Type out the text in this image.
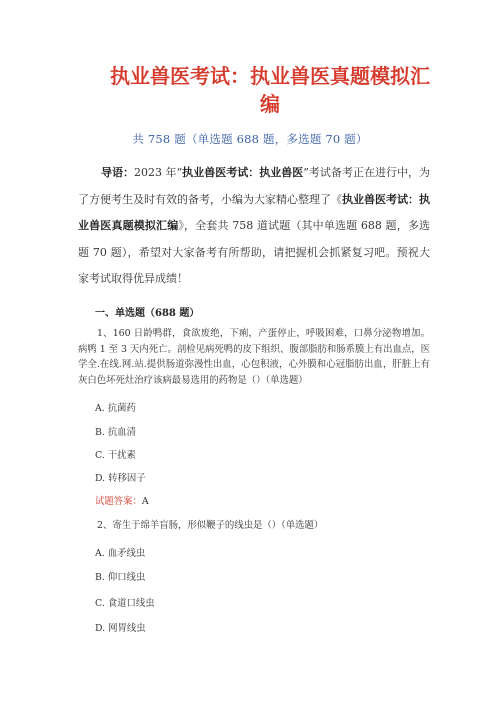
执业兽医考试：执业兽医真题模拟汇编
共 758 题（单选题 688 题，多选题 70 题）
导语：2023 年“执业兽医考试：执业兽医”考试备考正在进行中，为了方便考生及时有效的备考，小编为大家精心整理了《执业兽医考试：执业兽医真题模拟汇编》，全套共 758 道试题（其中单选题 688 题，多选题 70 题），希望对大家备考有所帮助，请把握机会抓紧复习吧。预祝大家考试取得优异成绩！
一、单选题（688 题）
1、160 日龄鸭群，食欲废绝，下痢，产蛋停止，呼吸困难，口鼻分泌物增加。病鸭 1 至 3 天内死亡。剖检见病死鸭的皮下组织、腹部脂肪和肠系膜上有出血点，医学全.在线.网.站.提供肠道弥漫性出血，心包积液，心外膜和心冠脂肪出血，肝脏上有灰白色坏死灶治疗该病最易选用的药物是（）（单选题）
A. 抗菌药
B. 抗血清
C. 干扰素
D. 转移因子
试题答案：A
2、寄生于绵羊盲肠，形似鞭子的线虫是（）（单选题）
A. 血矛线虫
B. 仰口线虫
C. 食道口线虫
D. 网胃线虫
